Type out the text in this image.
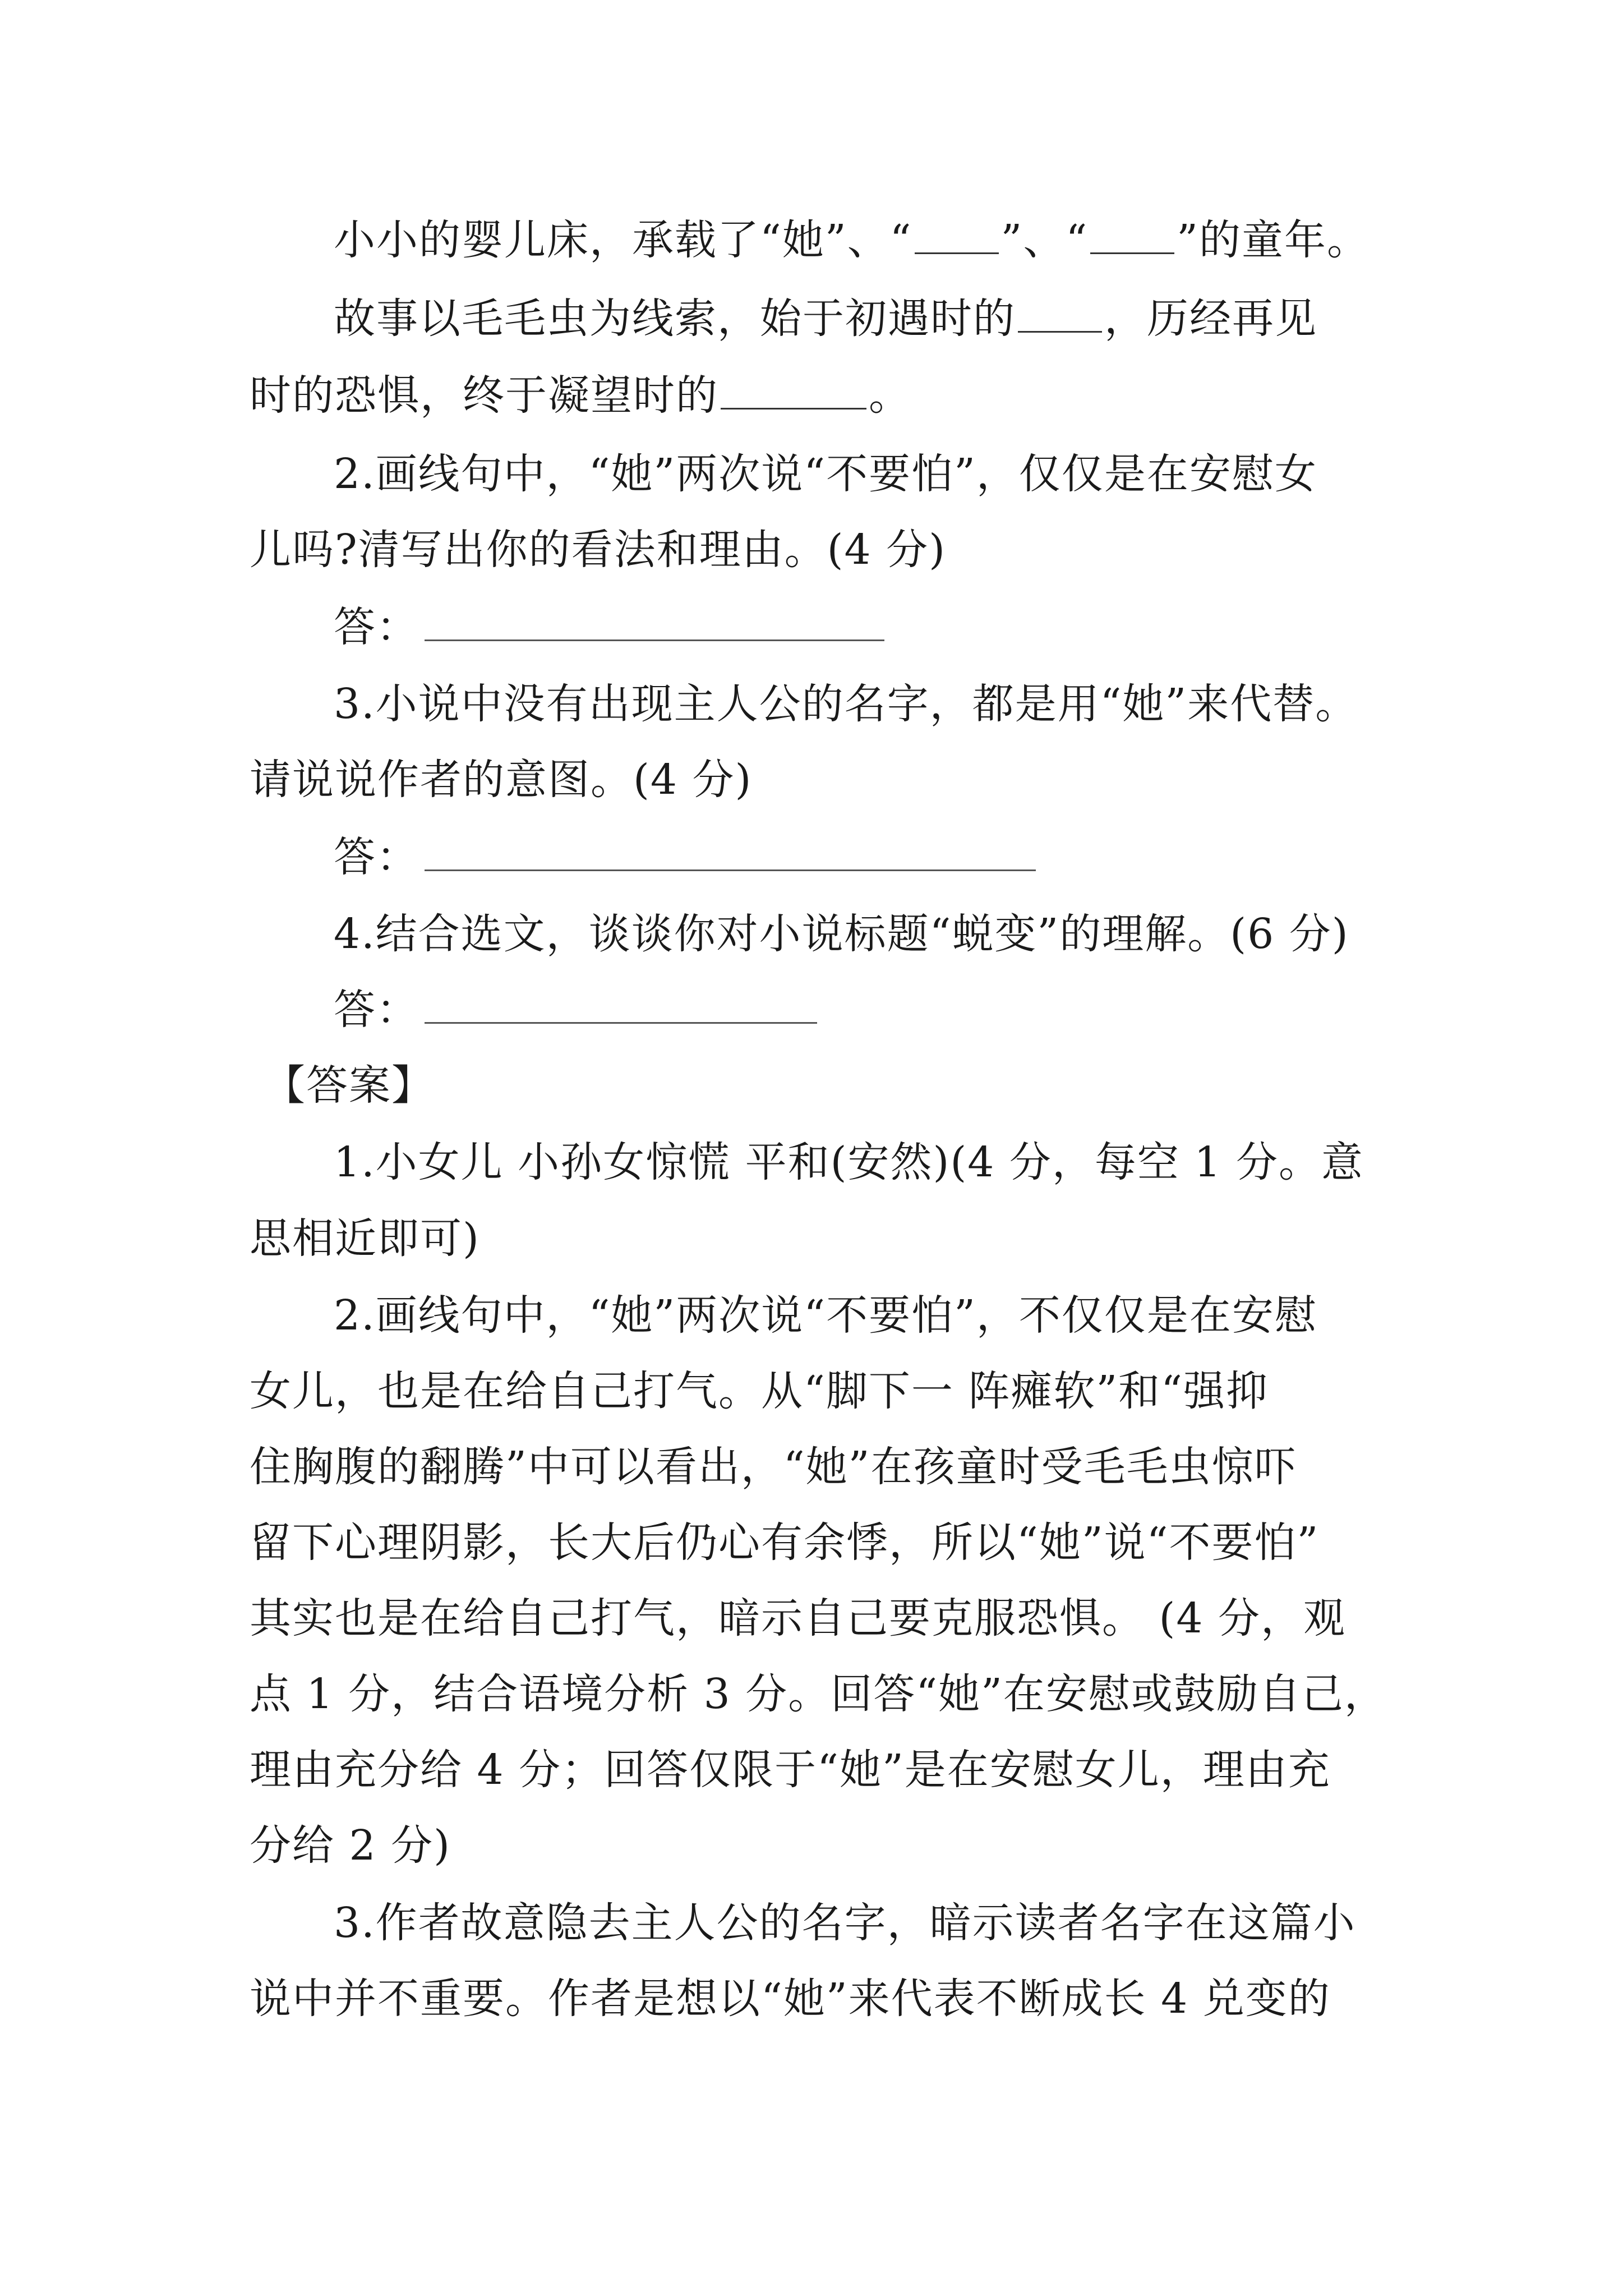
小小的婴儿床，承载了“她”、“ ”、“ ”的童年。
故事以毛毛虫为线索，始于初遇时的 ，历经再见
时的恐惧，终于凝望时的	。
2.画线句中，“她”两次说“不要怕”，仅仅是在安慰女
儿吗?清写出你的看法和理由。(4 分)
答：
3.小说中没有出现主人公的名字，都是用“她”来代替。
请说说作者的意图。(4 分)
答：
4.结合选文，谈谈你对小说标题“蜕变”的理解。(6 分)
答：
【答案】
1.小女儿 小孙女惊慌 平和(安然)(4 分，每空 1 分。意
思相近即可)
2.画线句中，“她”两次说“不要怕”，不仅仅是在安慰
女儿，也是在给自己打气。从“脚下一 阵瘫软”和“强抑
住胸腹的翻腾”中可以看出，“她”在孩童时受毛毛虫惊吓
留下心理阴影，长大后仍心有余悸，所以“她”说“不要怕”
其实也是在给自己打气，暗示自己要克服恐惧。 (4 分，观
点 1 分，结合语境分析 3 分。回答“她”在安慰或鼓励自己，
理由充分给 4 分；回答仅限于“她”是在安慰女儿，理由充
分给 2 分)
3.作者故意隐去主人公的名字，暗示读者名字在这篇小
说中并不重要。作者是想以“她”来代表不断成长 4 兑变的
